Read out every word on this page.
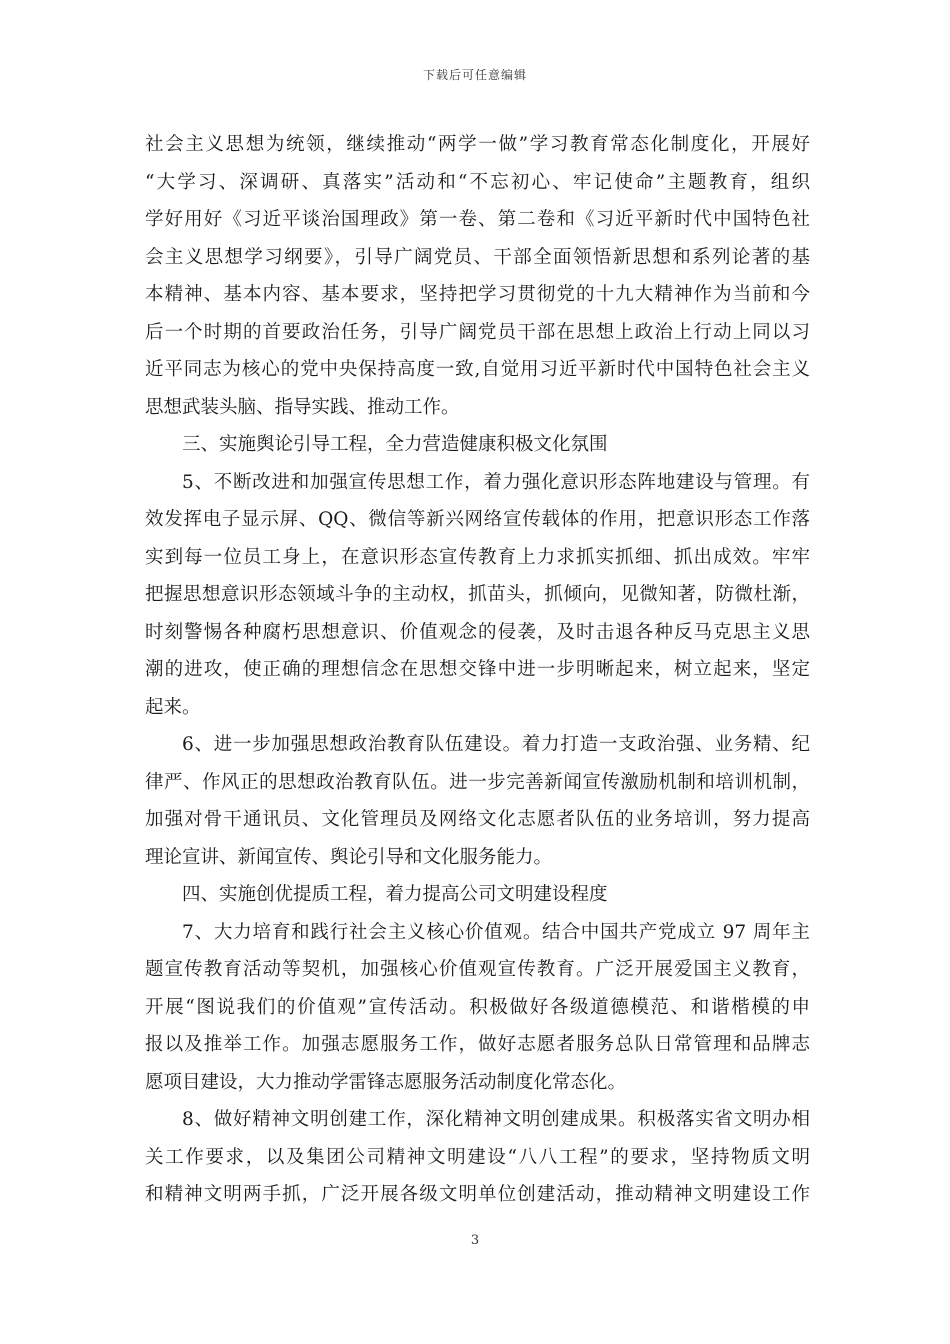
下载后可任意编辑
社会主义思想为统领，继续推动“两学一做”学习教育常态化制度化，开展好
“大学习、深调研、真落实”活动和“不忘初心、牢记使命”主题教育，组织
学好用好《习近平谈治国理政》第一卷、第二卷和《习近平新时代中国特色社
会主义思想学习纲要》，引导广阔党员、干部全面领悟新思想和系列论著的基
本精神、基本内容、基本要求，坚持把学习贯彻党的十九大精神作为当前和今
后一个时期的首要政治任务，引导广阔党员干部在思想上政治上行动上同以习
近平同志为核心的党中央保持高度一致,自觉用习近平新时代中国特色社会主义
思想武装头脑、指导实践、推动工作。
三、实施舆论引导工程，全力营造健康积极文化氛围
5、不断改进和加强宣传思想工作，着力强化意识形态阵地建设与管理。有
效发挥电子显示屏、QQ、微信等新兴网络宣传载体的作用，把意识形态工作落
实到每一位员工身上，在意识形态宣传教育上力求抓实抓细、抓出成效。牢牢
把握思想意识形态领域斗争的主动权，抓苗头，抓倾向，见微知著，防微杜渐，
时刻警惕各种腐朽思想意识、价值观念的侵袭，及时击退各种反马克思主义思
潮的进攻，使正确的理想信念在思想交锋中进一步明晰起来，树立起来，坚定
起来。
6、进一步加强思想政治教育队伍建设。着力打造一支政治强、业务精、纪
律严、作风正的思想政治教育队伍。进一步完善新闻宣传激励机制和培训机制，
加强对骨干通讯员、文化管理员及网络文化志愿者队伍的业务培训，努力提高
理论宣讲、新闻宣传、舆论引导和文化服务能力。
四、实施创优提质工程，着力提高公司文明建设程度
7、大力培育和践行社会主义核心价值观。结合中国共产党成立 97 周年主
题宣传教育活动等契机，加强核心价值观宣传教育。广泛开展爱国主义教育，
开展“图说我们的价值观”宣传活动。积极做好各级道德模范、和谐楷模的申
报以及推举工作。加强志愿服务工作，做好志愿者服务总队日常管理和品牌志
愿项目建设，大力推动学雷锋志愿服务活动制度化常态化。
8、做好精神文明创建工作，深化精神文明创建成果。积极落实省文明办相
关工作要求，以及集团公司精神文明建设“八八工程”的要求，坚持物质文明
和精神文明两手抓，广泛开展各级文明单位创建活动，推动精神文明建设工作
3
